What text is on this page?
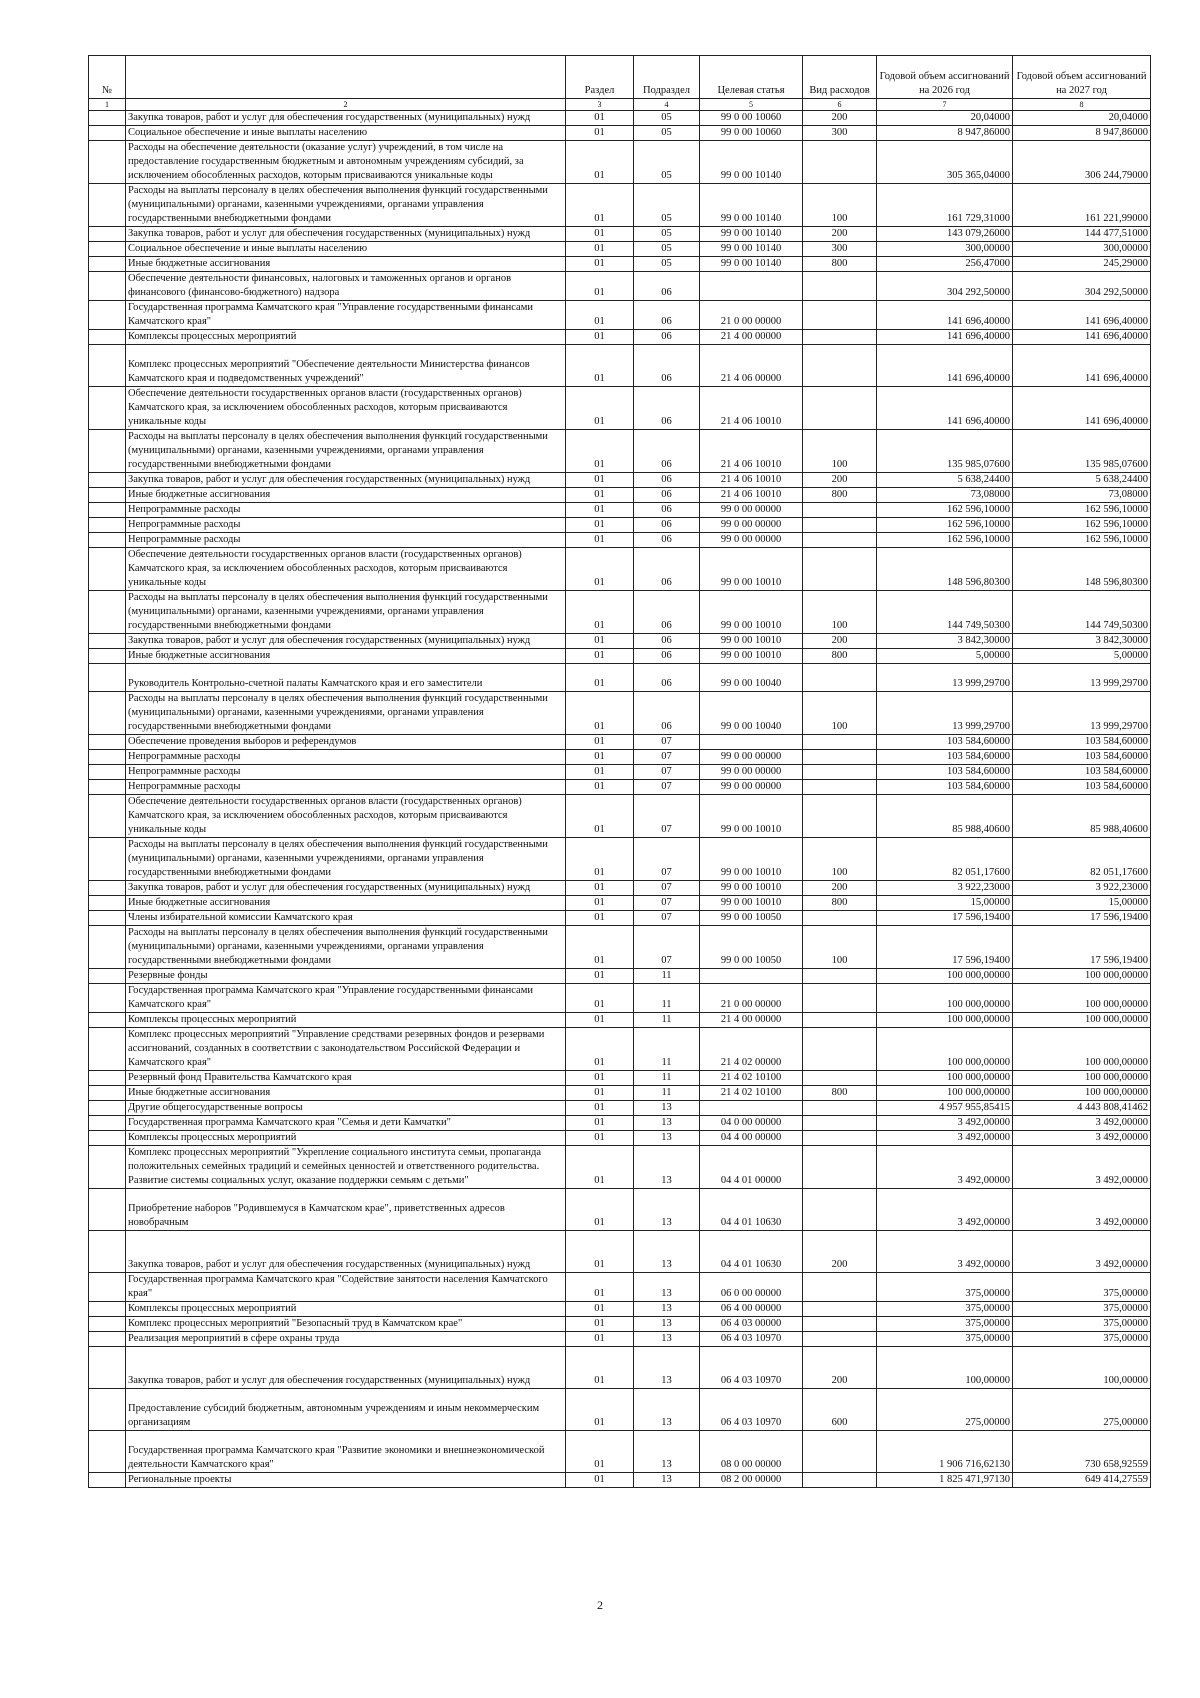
№		Раздел	Подраздел	Целевая статья	Вид расходов	Годовой объем ассигнований на 2026 год	Годовой объем ассигнований на 2027 год
1	2	3	4	5	6	7	8
	Закупка товаров, работ и услуг для обеспечения государственных (муниципальных) нужд	01	05	99 0 00 10060	200	20,04000	20,04000
	Социальное обеспечение и иные выплаты населению	01	05	99 0 00 10060	300	8 947,86000	8 947,86000
	Расходы на обеспечение деятельности (оказание услуг) учреждений, в том числе на предоставление государственным бюджетным и автономным учреждениям субсидий, за исключением обособленных расходов, которым присваиваются уникальные коды	01	05	99 0 00 10140		305 365,04000	306 244,79000
	Расходы на выплаты персоналу в целях обеспечения выполнения функций государственными (муниципальными) органами, казенными учреждениями, органами управления государственными внебюджетными фондами	01	05	99 0 00 10140	100	161 729,31000	161 221,99000
	Закупка товаров, работ и услуг для обеспечения государственных (муниципальных) нужд	01	05	99 0 00 10140	200	143 079,26000	144 477,51000
	Социальное обеспечение и иные выплаты населению	01	05	99 0 00 10140	300	300,00000	300,00000
	Иные бюджетные ассигнования	01	05	99 0 00 10140	800	256,47000	245,29000
	Обеспечение деятельности финансовых, налоговых и таможенных органов и органов финансового (финансово-бюджетного) надзора	01	06			304 292,50000	304 292,50000
	Государственная программа Камчатского края "Управление государственными финансами Камчатского края"	01	06	21 0 00 00000		141 696,40000	141 696,40000
	Комплексы процессных мероприятий	01	06	21 4 00 00000		141 696,40000	141 696,40000
	Комплекс процессных мероприятий "Обеспечение деятельности Министерства финансов Камчатского края и подведомственных учреждений"	01	06	21 4 06 00000		141 696,40000	141 696,40000
	Обеспечение деятельности государственных органов власти (государственных органов) Камчатского края, за исключением обособленных расходов, которым присваиваются уникальные коды	01	06	21 4 06 10010		141 696,40000	141 696,40000
	Расходы на выплаты персоналу в целях обеспечения выполнения функций государственными (муниципальными) органами, казенными учреждениями, органами управления государственными внебюджетными фондами	01	06	21 4 06 10010	100	135 985,07600	135 985,07600
	Закупка товаров, работ и услуг для обеспечения государственных (муниципальных) нужд	01	06	21 4 06 10010	200	5 638,24400	5 638,24400
	Иные бюджетные ассигнования	01	06	21 4 06 10010	800	73,08000	73,08000
	Непрограммные расходы	01	06	99 0 00 00000		162 596,10000	162 596,10000
	Непрограммные расходы	01	06	99 0 00 00000		162 596,10000	162 596,10000
	Непрограммные расходы	01	06	99 0 00 00000		162 596,10000	162 596,10000
	Обеспечение деятельности государственных органов власти (государственных органов) Камчатского края, за исключением обособленных расходов, которым присваиваются уникальные коды	01	06	99 0 00 10010		148 596,80300	148 596,80300
	Расходы на выплаты персоналу в целях обеспечения выполнения функций государственными (муниципальными) органами, казенными учреждениями, органами управления государственными внебюджетными фондами	01	06	99 0 00 10010	100	144 749,50300	144 749,50300
	Закупка товаров, работ и услуг для обеспечения государственных (муниципальных) нужд	01	06	99 0 00 10010	200	3 842,30000	3 842,30000
	Иные бюджетные ассигнования	01	06	99 0 00 10010	800	5,00000	5,00000
	Руководитель Контрольно-счетной палаты Камчатского края и его заместители	01	06	99 0 00 10040		13 999,29700	13 999,29700
	Расходы на выплаты персоналу в целях обеспечения выполнения функций государственными (муниципальными) органами, казенными учреждениями, органами управления государственными внебюджетными фондами	01	06	99 0 00 10040	100	13 999,29700	13 999,29700
	Обеспечение проведения выборов и референдумов	01	07			103 584,60000	103 584,60000
	Непрограммные расходы	01	07	99 0 00 00000		103 584,60000	103 584,60000
	Непрограммные расходы	01	07	99 0 00 00000		103 584,60000	103 584,60000
	Непрограммные расходы	01	07	99 0 00 00000		103 584,60000	103 584,60000
	Обеспечение деятельности государственных органов власти (государственных органов) Камчатского края, за исключением обособленных расходов, которым присваиваются уникальные коды	01	07	99 0 00 10010		85 988,40600	85 988,40600
	Расходы на выплаты персоналу в целях обеспечения выполнения функций государственными (муниципальными) органами, казенными учреждениями, органами управления государственными внебюджетными фондами	01	07	99 0 00 10010	100	82 051,17600	82 051,17600
	Закупка товаров, работ и услуг для обеспечения государственных (муниципальных) нужд	01	07	99 0 00 10010	200	3 922,23000	3 922,23000
	Иные бюджетные ассигнования	01	07	99 0 00 10010	800	15,00000	15,00000
	Члены избирательной комиссии Камчатского края	01	07	99 0 00 10050		17 596,19400	17 596,19400
	Расходы на выплаты персоналу в целях обеспечения выполнения функций государственными (муниципальными) органами, казенными учреждениями, органами управления государственными внебюджетными фондами	01	07	99 0 00 10050	100	17 596,19400	17 596,19400
	Резервные фонды	01	11			100 000,00000	100 000,00000
	Государственная программа Камчатского края "Управление государственными финансами Камчатского края"	01	11	21 0 00 00000		100 000,00000	100 000,00000
	Комплексы процессных мероприятий	01	11	21 4 00 00000		100 000,00000	100 000,00000
	Комплекс процессных мероприятий "Управление средствами резервных фондов и резервами ассигнований, созданных в соответствии с законодательством Российской Федерации и Камчатского края"	01	11	21 4 02 00000		100 000,00000	100 000,00000
	Резервный фонд Правительства Камчатского края	01	11	21 4 02 10100		100 000,00000	100 000,00000
	Иные бюджетные ассигнования	01	11	21 4 02 10100	800	100 000,00000	100 000,00000
	Другие общегосударственные вопросы	01	13			4 957 955,85415	4 443 808,41462
	Государственная программа Камчатского края "Семья и дети Камчатки"	01	13	04 0 00 00000		3 492,00000	3 492,00000
	Комплексы процессных мероприятий	01	13	04 4 00 00000		3 492,00000	3 492,00000
	Комплекс процессных мероприятий "Укрепление социального института семьи, пропаганда положительных семейных традиций и семейных ценностей и ответственного родительства. Развитие системы социальных услуг, оказание поддержки семьям с детьми"	01	13	04 4 01 00000		3 492,00000	3 492,00000
	Приобретение наборов "Родившемуся в Камчатском крае", приветственных адресов новобрачным	01	13	04 4 01 10630		3 492,00000	3 492,00000
	Закупка товаров, работ и услуг для обеспечения государственных (муниципальных) нужд	01	13	04 4 01 10630	200	3 492,00000	3 492,00000
	Государственная программа Камчатского края "Содействие занятости населения Камчатского края"	01	13	06 0 00 00000		375,00000	375,00000
	Комплексы процессных мероприятий	01	13	06 4 00 00000		375,00000	375,00000
	Комплекс процессных мероприятий "Безопасный труд в Камчатском крае"	01	13	06 4 03 00000		375,00000	375,00000
	Реализация мероприятий в сфере охраны труда	01	13	06 4 03 10970		375,00000	375,00000
	Закупка товаров, работ и услуг для обеспечения государственных (муниципальных) нужд	01	13	06 4 03 10970	200	100,00000	100,00000
	Предоставление субсидий бюджетным, автономным учреждениям и иным некоммерческим организациям	01	13	06 4 03 10970	600	275,00000	275,00000
	Государственная программа Камчатского края "Развитие экономики и внешнеэкономической деятельности Камчатского края"	01	13	08 0 00 00000		1 906 716,62130	730 658,92559
	Региональные проекты	01	13	08 2 00 00000		1 825 471,97130	649 414,27559
2
